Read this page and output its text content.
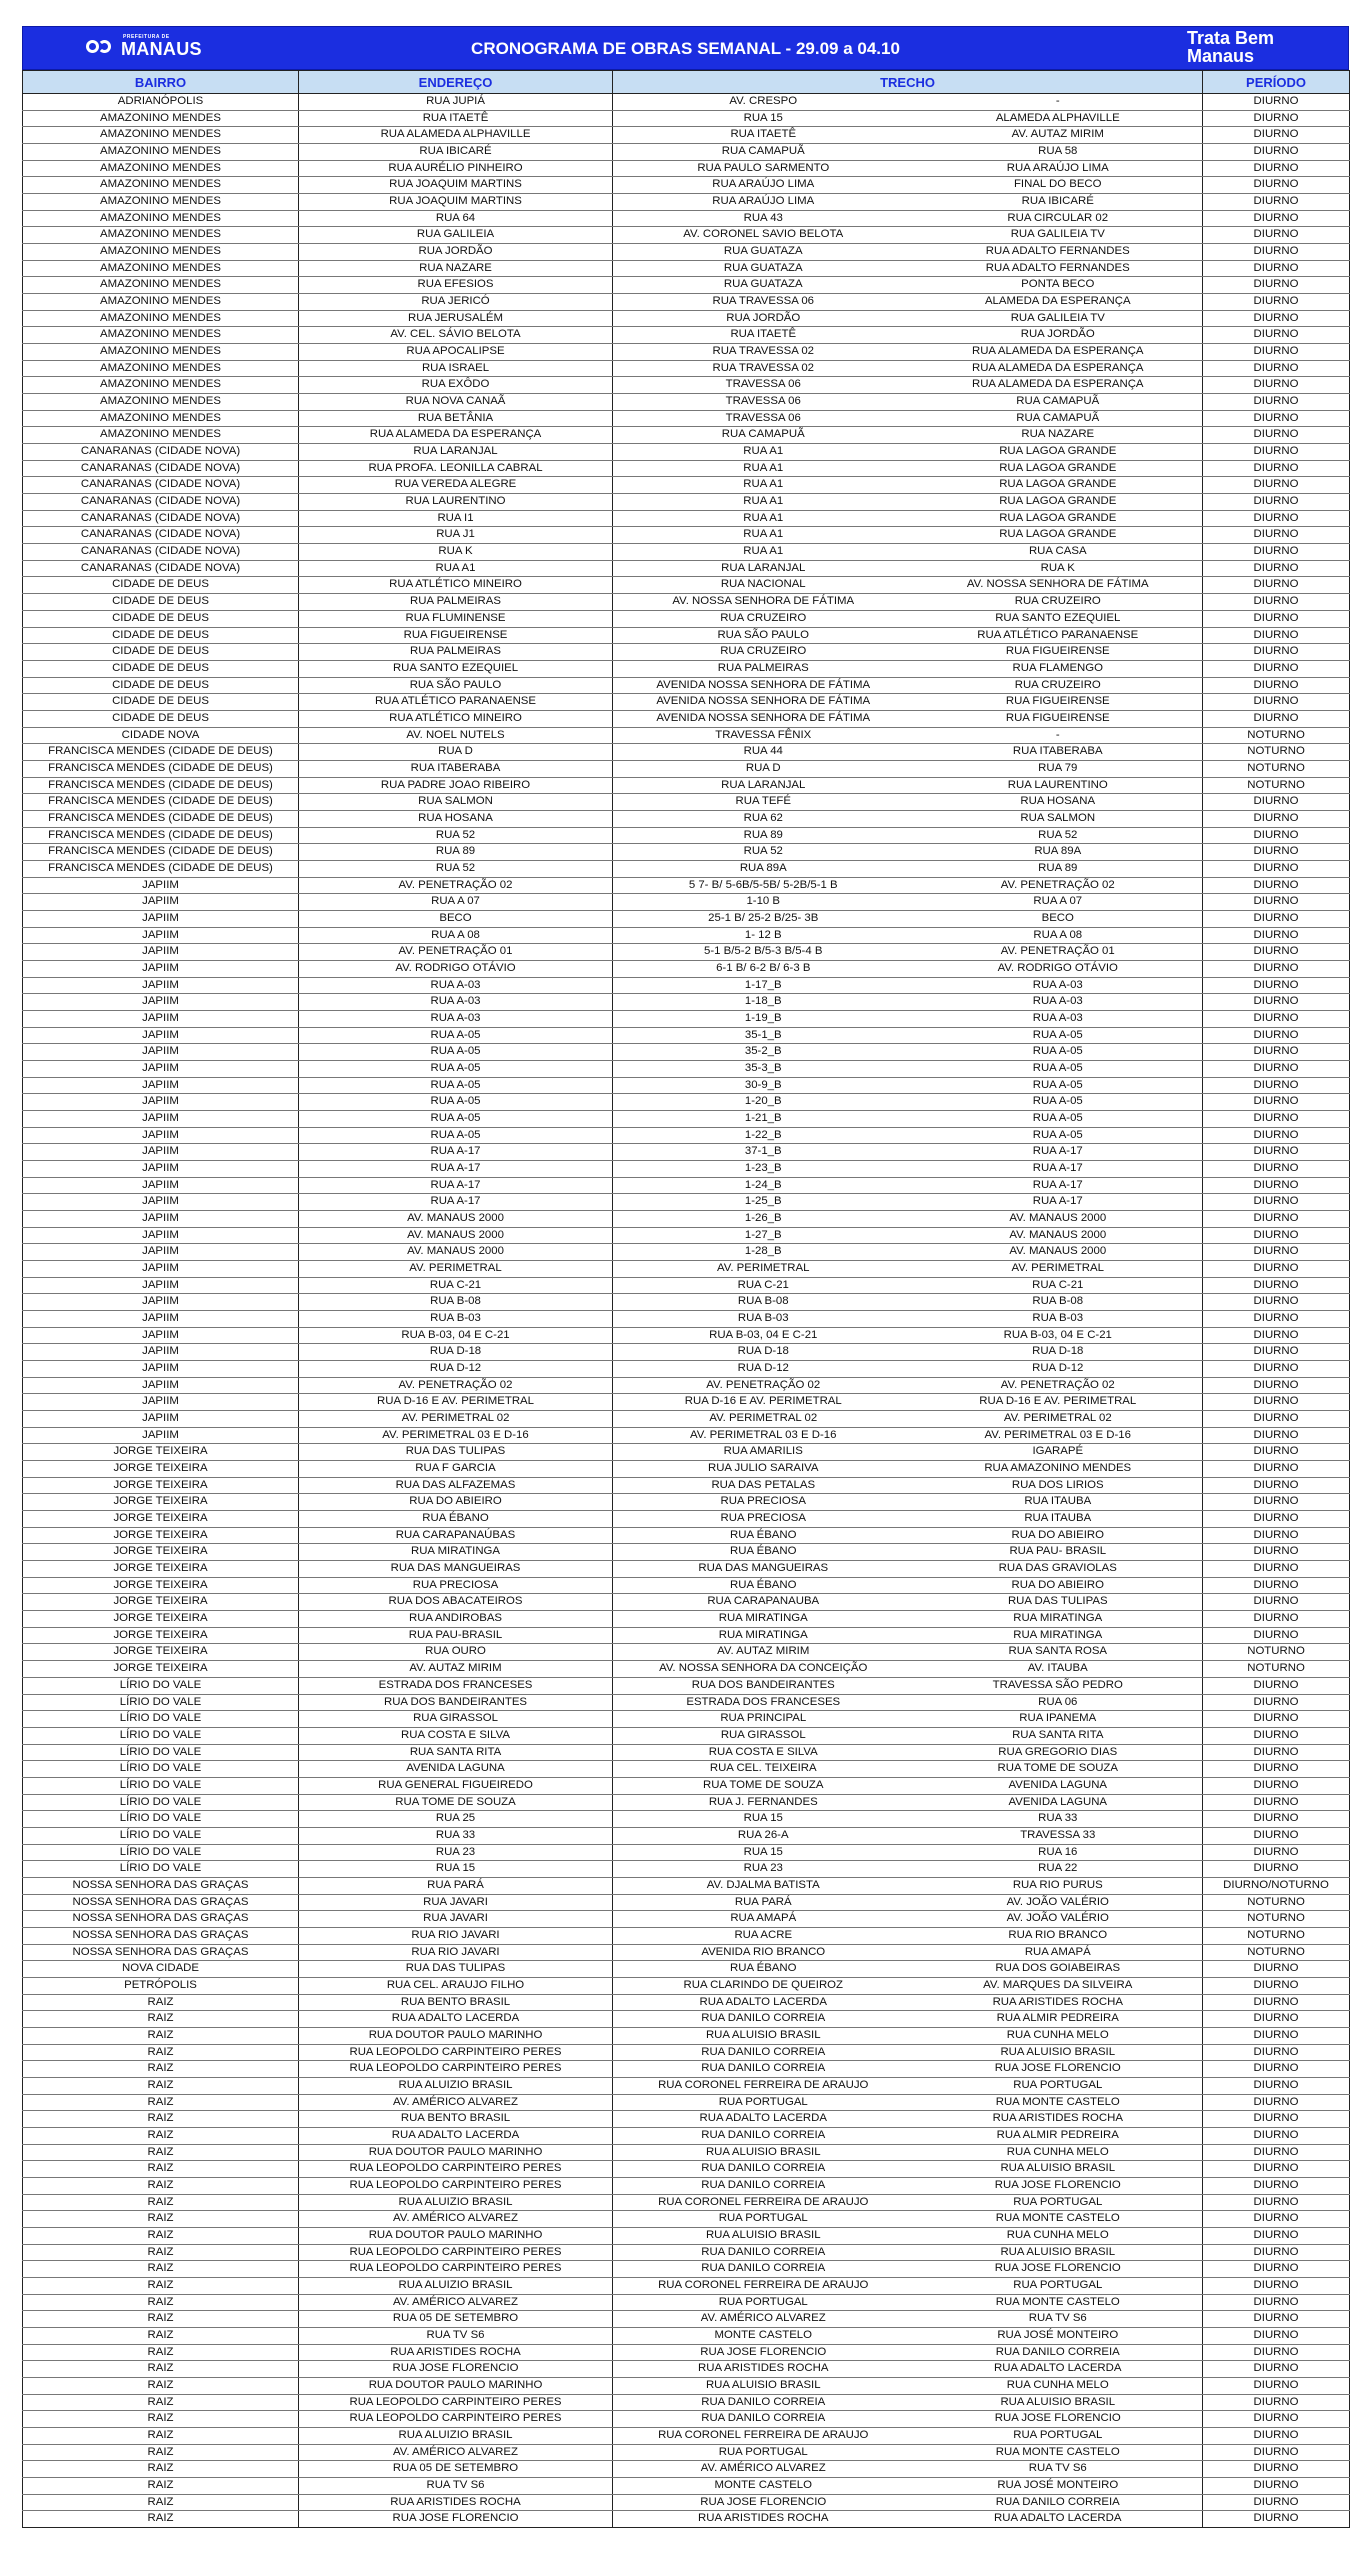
PREFEITURA DE
MANAUS	CRONOGRAMA DE OBRAS SEMANAL - 29.09 a 04.10
Trata Bem
Manaus
BAIRRO	ENDEREÇO	TRECHO		PERÍODO
ADRIANÓPOLIS	RUA JUPIÁ	AV. CRESPO	-	DIURNO
AMAZONINO MENDES	RUA ITAETÊ	RUA 15	ALAMEDA ALPHAVILLE	DIURNO
AMAZONINO MENDES	RUA ALAMEDA ALPHAVILLE	RUA ITAETÊ	AV. AUTAZ MIRIM	DIURNO
AMAZONINO MENDES	RUA IBICARÉ	RUA CAMAPUÃ	RUA 58	DIURNO
AMAZONINO MENDES	RUA AURÉLIO PINHEIRO	RUA PAULO SARMENTO	RUA ARAÚJO LIMA	DIURNO
AMAZONINO MENDES	RUA JOAQUIM MARTINS	RUA ARAÚJO LIMA	FINAL DO BECO	DIURNO
AMAZONINO MENDES	RUA JOAQUIM MARTINS	RUA ARAÚJO LIMA	RUA IBICARÉ	DIURNO
AMAZONINO MENDES	RUA 64	RUA 43	RUA CIRCULAR 02	DIURNO
AMAZONINO MENDES	RUA GALILEIA	AV. CORONEL SAVIO BELOTA	RUA GALILEIA TV	DIURNO
AMAZONINO MENDES	RUA JORDÃO	RUA GUATAZA	RUA ADALTO FERNANDES	DIURNO
AMAZONINO MENDES	RUA NAZARE	RUA GUATAZA	RUA ADALTO FERNANDES	DIURNO
AMAZONINO MENDES	RUA EFESIOS	RUA GUATAZA	PONTA BECO	DIURNO
AMAZONINO MENDES	RUA JERICÓ	RUA TRAVESSA 06	ALAMEDA DA ESPERANÇA	DIURNO
AMAZONINO MENDES	RUA JERUSALÉM	RUA JORDÃO	RUA GALILEIA TV	DIURNO
AMAZONINO MENDES	AV. CEL. SÁVIO BELOTA	RUA ITAETÊ	RUA JORDÃO	DIURNO
AMAZONINO MENDES	RUA APOCALIPSE	RUA TRAVESSA 02	RUA ALAMEDA DA ESPERANÇA	DIURNO
AMAZONINO MENDES	RUA ISRAEL	RUA TRAVESSA 02	RUA ALAMEDA DA ESPERANÇA	DIURNO
AMAZONINO MENDES	RUA EXÔDO	TRAVESSA 06	RUA ALAMEDA DA ESPERANÇA	DIURNO
AMAZONINO MENDES	RUA NOVA CANAÃ	TRAVESSA 06	RUA CAMAPUÃ	DIURNO
AMAZONINO MENDES	RUA BETÂNIA	TRAVESSA 06	RUA CAMAPUÃ	DIURNO
AMAZONINO MENDES	RUA ALAMEDA DA ESPERANÇA	RUA CAMAPUÃ	RUA NAZARE	DIURNO
CANARANAS (CIDADE NOVA)	RUA LARANJAL	RUA A1	RUA LAGOA GRANDE	DIURNO
CANARANAS (CIDADE NOVA)	RUA PROFA. LEONILLA CABRAL	RUA A1	RUA LAGOA GRANDE	DIURNO
CANARANAS (CIDADE NOVA)	RUA VEREDA ALEGRE	RUA A1	RUA LAGOA GRANDE	DIURNO
CANARANAS (CIDADE NOVA)	RUA LAURENTINO	RUA A1	RUA LAGOA GRANDE	DIURNO
CANARANAS (CIDADE NOVA)	RUA I1	RUA A1	RUA LAGOA GRANDE	DIURNO
CANARANAS (CIDADE NOVA)	RUA J1	RUA A1	RUA LAGOA GRANDE	DIURNO
CANARANAS (CIDADE NOVA)	RUA K	RUA A1	RUA CASA	DIURNO
CANARANAS (CIDADE NOVA)	RUA A1	RUA LARANJAL	RUA K	DIURNO
CIDADE DE DEUS	RUA ATLÉTICO MINEIRO	RUA NACIONAL	AV. NOSSA SENHORA DE FÁTIMA	DIURNO
CIDADE DE DEUS	RUA PALMEIRAS	AV. NOSSA SENHORA DE FÁTIMA	RUA CRUZEIRO	DIURNO
CIDADE DE DEUS	RUA FLUMINENSE	RUA CRUZEIRO	RUA SANTO EZEQUIEL	DIURNO
CIDADE DE DEUS	RUA FIGUEIRENSE	RUA SÃO PAULO	RUA ATLÉTICO PARANAENSE	DIURNO
CIDADE DE DEUS	RUA PALMEIRAS	RUA CRUZEIRO	RUA FIGUEIRENSE	DIURNO
CIDADE DE DEUS	RUA SANTO EZEQUIEL	RUA PALMEIRAS	RUA FLAMENGO	DIURNO
CIDADE DE DEUS	RUA SÃO PAULO	AVENIDA NOSSA SENHORA DE FÁTIMA	RUA CRUZEIRO	DIURNO
CIDADE DE DEUS	RUA ATLÉTICO PARANAENSE	AVENIDA NOSSA SENHORA DE FÁTIMA	RUA FIGUEIRENSE	DIURNO
CIDADE DE DEUS	RUA ATLÉTICO MINEIRO	AVENIDA NOSSA SENHORA DE FÁTIMA	RUA FIGUEIRENSE	DIURNO
CIDADE NOVA	AV. NOEL NUTELS	TRAVESSA FÊNIX	-	NOTURNO
FRANCISCA MENDES (CIDADE DE DEUS)	RUA D	RUA 44	RUA ITABERABA	NOTURNO
FRANCISCA MENDES (CIDADE DE DEUS)	RUA ITABERABA	RUA D	RUA 79	NOTURNO
FRANCISCA MENDES (CIDADE DE DEUS)	RUA PADRE JOAO RIBEIRO	RUA LARANJAL	RUA LAURENTINO	NOTURNO
FRANCISCA MENDES (CIDADE DE DEUS)	RUA SALMON	RUA TEFÉ	RUA HOSANA	DIURNO
FRANCISCA MENDES (CIDADE DE DEUS)	RUA HOSANA	RUA 62	RUA SALMON	DIURNO
FRANCISCA MENDES (CIDADE DE DEUS)	RUA 52	RUA 89	RUA 52	DIURNO
FRANCISCA MENDES (CIDADE DE DEUS)	RUA 89	RUA 52	RUA 89A	DIURNO
FRANCISCA MENDES (CIDADE DE DEUS)	RUA 52	RUA 89A	RUA 89	DIURNO
JAPIIM	AV. PENETRAÇÃO 02	5 7- B/ 5-6B/5-5B/ 5-2B/5-1 B	AV. PENETRAÇÃO 02	DIURNO
JAPIIM	RUA A 07	1-10 B	RUA A 07	DIURNO
JAPIIM	BECO	25-1 B/ 25-2 B/25- 3B	BECO	DIURNO
JAPIIM	RUA A 08	1- 12 B	RUA A 08	DIURNO
JAPIIM	AV. PENETRAÇÃO 01	5-1 B/5-2 B/5-3 B/5-4 B	AV. PENETRAÇÃO 01	DIURNO
JAPIIM	AV. RODRIGO OTÁVIO	6-1 B/ 6-2 B/ 6-3 B	AV. RODRIGO OTÁVIO	DIURNO
JAPIIM	RUA A-03	1-17_B	RUA A-03	DIURNO
JAPIIM	RUA A-03	1-18_B	RUA A-03	DIURNO
JAPIIM	RUA A-03	1-19_B	RUA A-03	DIURNO
JAPIIM	RUA A-05	35-1_B	RUA A-05	DIURNO
JAPIIM	RUA A-05	35-2_B	RUA A-05	DIURNO
JAPIIM	RUA A-05	35-3_B	RUA A-05	DIURNO
JAPIIM	RUA A-05	30-9_B	RUA A-05	DIURNO
JAPIIM	RUA A-05	1-20_B	RUA A-05	DIURNO
JAPIIM	RUA A-05	1-21_B	RUA A-05	DIURNO
JAPIIM	RUA A-05	1-22_B	RUA A-05	DIURNO
JAPIIM	RUA A-17	37-1_B	RUA A-17	DIURNO
JAPIIM	RUA A-17	1-23_B	RUA A-17	DIURNO
JAPIIM	RUA A-17	1-24_B	RUA A-17	DIURNO
JAPIIM	RUA A-17	1-25_B	RUA A-17	DIURNO
JAPIIM	AV. MANAUS 2000	1-26_B	AV. MANAUS 2000	DIURNO
JAPIIM	AV. MANAUS 2000	1-27_B	AV. MANAUS 2000	DIURNO
JAPIIM	AV. MANAUS 2000	1-28_B	AV. MANAUS 2000	DIURNO
JAPIIM	AV. PERIMETRAL	AV. PERIMETRAL	AV. PERIMETRAL	DIURNO
JAPIIM	RUA C-21	RUA C-21	RUA C-21	DIURNO
JAPIIM	RUA B-08	RUA B-08	RUA B-08	DIURNO
JAPIIM	RUA B-03	RUA B-03	RUA B-03	DIURNO
JAPIIM	RUA B-03, 04 E C-21	RUA B-03, 04 E C-21	RUA B-03, 04 E C-21	DIURNO
JAPIIM	RUA D-18	RUA D-18	RUA D-18	DIURNO
JAPIIM	RUA D-12	RUA D-12	RUA D-12	DIURNO
JAPIIM	AV. PENETRAÇÃO 02	AV. PENETRAÇÃO 02	AV. PENETRAÇÃO 02	DIURNO
JAPIIM	RUA D-16 E AV. PERIMETRAL	RUA D-16 E AV. PERIMETRAL	RUA D-16 E AV. PERIMETRAL	DIURNO
JAPIIM	AV. PERIMETRAL 02	AV. PERIMETRAL 02	AV. PERIMETRAL 02	DIURNO
JAPIIM	AV. PERIMETRAL 03 E D-16	AV. PERIMETRAL 03 E D-16	AV. PERIMETRAL 03 E D-16	DIURNO
JORGE TEIXEIRA	RUA DAS TULIPAS	RUA AMARILIS	IGARAPÉ	DIURNO
JORGE TEIXEIRA	RUA F GARCIA	RUA JULIO SARAIVA	RUA AMAZONINO MENDES	DIURNO
JORGE TEIXEIRA	RUA DAS ALFAZEMAS	RUA DAS PETALAS	RUA DOS LIRIOS	DIURNO
JORGE TEIXEIRA	RUA DO ABIEIRO	RUA PRECIOSA	RUA ITAUBA	DIURNO
JORGE TEIXEIRA	RUA ÉBANO	RUA PRECIOSA	RUA ITAUBA	DIURNO
JORGE TEIXEIRA	RUA CARAPANAÚBAS	RUA ÉBANO	RUA DO ABIEIRO	DIURNO
JORGE TEIXEIRA	RUA MIRATINGA	RUA ÉBANO	RUA PAU- BRASIL	DIURNO
JORGE TEIXEIRA	RUA DAS MANGUEIRAS	RUA DAS MANGUEIRAS	RUA DAS GRAVIOLAS	DIURNO
JORGE TEIXEIRA	RUA PRECIOSA	RUA ÉBANO	RUA DO ABIEIRO	DIURNO
JORGE TEIXEIRA	RUA DOS ABACATEIROS	RUA CARAPANAUBA	RUA DAS TULIPAS	DIURNO
JORGE TEIXEIRA	RUA ANDIROBAS	RUA MIRATINGA	RUA MIRATINGA	DIURNO
JORGE TEIXEIRA	RUA PAU-BRASIL	RUA MIRATINGA	RUA MIRATINGA	DIURNO
JORGE TEIXEIRA	RUA OURO	AV. AUTAZ MIRIM	RUA SANTA ROSA	NOTURNO
JORGE TEIXEIRA	AV. AUTAZ MIRIM	AV. NOSSA SENHORA DA CONCEIÇÃO	AV. ITAUBA	NOTURNO
LÍRIO DO VALE	ESTRADA DOS FRANCESES	RUA DOS BANDEIRANTES	TRAVESSA SÃO PEDRO	DIURNO
LÍRIO DO VALE	RUA DOS BANDEIRANTES	ESTRADA DOS FRANCESES	RUA 06	DIURNO
LÍRIO DO VALE	RUA GIRASSOL	RUA PRINCIPAL	RUA IPANEMA	DIURNO
LÍRIO DO VALE	RUA COSTA E SILVA	RUA GIRASSOL	RUA SANTA RITA	DIURNO
LÍRIO DO VALE	RUA SANTA RITA	RUA COSTA E SILVA	RUA GREGORIO DIAS	DIURNO
LÍRIO DO VALE	AVENIDA LAGUNA	RUA CEL. TEIXEIRA	RUA TOME DE SOUZA	DIURNO
LÍRIO DO VALE	RUA GENERAL FIGUEIREDO	RUA TOME DE SOUZA	AVENIDA LAGUNA	DIURNO
LÍRIO DO VALE	RUA TOME DE SOUZA	RUA J. FERNANDES	AVENIDA LAGUNA	DIURNO
LÍRIO DO VALE	RUA 25	RUA 15	RUA 33	DIURNO
LÍRIO DO VALE	RUA 33	RUA 26-A	TRAVESSA 33	DIURNO
LÍRIO DO VALE	RUA 23	RUA 15	RUA 16	DIURNO
LÍRIO DO VALE	RUA 15	RUA 23	RUA 22	DIURNO
NOSSA SENHORA DAS GRAÇAS	RUA PARÁ	AV. DJALMA BATISTA	RUA RIO PURUS	DIURNO/NOTURNO
NOSSA SENHORA DAS GRAÇAS	RUA JAVARI	RUA PARÁ	AV. JOÃO VALÉRIO	NOTURNO
NOSSA SENHORA DAS GRAÇAS	RUA JAVARI	RUA AMAPÁ	AV. JOÃO VALÉRIO	NOTURNO
NOSSA SENHORA DAS GRAÇAS	RUA RIO JAVARI	RUA ACRE	RUA RIO BRANCO	NOTURNO
NOSSA SENHORA DAS GRAÇAS	RUA RIO JAVARI	AVENIDA RIO BRANCO	RUA AMAPÁ	NOTURNO
NOVA CIDADE	RUA DAS TULIPAS	RUA ÉBANO	RUA DOS GOIABEIRAS	DIURNO
PETRÓPOLIS	RUA CEL. ARAUJO FILHO	RUA CLARINDO DE QUEIROZ	AV. MARQUES DA SILVEIRA	DIURNO
RAIZ	RUA BENTO BRASIL	RUA ADALTO LACERDA	RUA ARISTIDES ROCHA	DIURNO
RAIZ	RUA ADALTO LACERDA	RUA DANILO CORREIA	RUA ALMIR PEDREIRA	DIURNO
RAIZ	RUA DOUTOR PAULO MARINHO	RUA ALUISIO BRASIL	RUA CUNHA MELO	DIURNO
RAIZ	RUA LEOPOLDO CARPINTEIRO PERES	RUA DANILO CORREIA	RUA ALUISIO BRASIL	DIURNO
RAIZ	RUA LEOPOLDO CARPINTEIRO PERES	RUA DANILO CORREIA	RUA JOSE FLORENCIO	DIURNO
RAIZ	RUA ALUIZIO BRASIL	RUA CORONEL FERREIRA DE ARAUJO	RUA PORTUGAL	DIURNO
RAIZ	AV. AMÉRICO ALVAREZ	RUA PORTUGAL	RUA MONTE CASTELO	DIURNO
RAIZ	RUA BENTO BRASIL	RUA ADALTO LACERDA	RUA ARISTIDES ROCHA	DIURNO
RAIZ	RUA ADALTO LACERDA	RUA DANILO CORREIA	RUA ALMIR PEDREIRA	DIURNO
RAIZ	RUA DOUTOR PAULO MARINHO	RUA ALUISIO BRASIL	RUA CUNHA MELO	DIURNO
RAIZ	RUA LEOPOLDO CARPINTEIRO PERES	RUA DANILO CORREIA	RUA ALUISIO BRASIL	DIURNO
RAIZ	RUA LEOPOLDO CARPINTEIRO PERES	RUA DANILO CORREIA	RUA JOSE FLORENCIO	DIURNO
RAIZ	RUA ALUIZIO BRASIL	RUA CORONEL FERREIRA DE ARAUJO	RUA PORTUGAL	DIURNO
RAIZ	AV. AMÉRICO ALVAREZ	RUA PORTUGAL	RUA MONTE CASTELO	DIURNO
RAIZ	RUA DOUTOR PAULO MARINHO	RUA ALUISIO BRASIL	RUA CUNHA MELO	DIURNO
RAIZ	RUA LEOPOLDO CARPINTEIRO PERES	RUA DANILO CORREIA	RUA ALUISIO BRASIL	DIURNO
RAIZ	RUA LEOPOLDO CARPINTEIRO PERES	RUA DANILO CORREIA	RUA JOSE FLORENCIO	DIURNO
RAIZ	RUA ALUIZIO BRASIL	RUA CORONEL FERREIRA DE ARAUJO	RUA PORTUGAL	DIURNO
RAIZ	AV. AMÉRICO ALVAREZ	RUA PORTUGAL	RUA MONTE CASTELO	DIURNO
RAIZ	RUA 05 DE SETEMBRO	AV. AMÉRICO ALVAREZ	RUA TV S6	DIURNO
RAIZ	RUA TV S6	MONTE CASTELO	RUA JOSÉ MONTEIRO	DIURNO
RAIZ	RUA ARISTIDES ROCHA	RUA JOSE FLORENCIO	RUA DANILO CORREIA	DIURNO
RAIZ	RUA JOSE FLORENCIO	RUA ARISTIDES ROCHA	RUA ADALTO LACERDA	DIURNO
RAIZ	RUA DOUTOR PAULO MARINHO	RUA ALUISIO BRASIL	RUA CUNHA MELO	DIURNO
RAIZ	RUA LEOPOLDO CARPINTEIRO PERES	RUA DANILO CORREIA	RUA ALUISIO BRASIL	DIURNO
RAIZ	RUA LEOPOLDO CARPINTEIRO PERES	RUA DANILO CORREIA	RUA JOSE FLORENCIO	DIURNO
RAIZ	RUA ALUIZIO BRASIL	RUA CORONEL FERREIRA DE ARAUJO	RUA PORTUGAL	DIURNO
RAIZ	AV. AMÉRICO ALVAREZ	RUA PORTUGAL	RUA MONTE CASTELO	DIURNO
RAIZ	RUA 05 DE SETEMBRO	AV. AMÉRICO ALVAREZ	RUA TV S6	DIURNO
RAIZ	RUA TV S6	MONTE CASTELO	RUA JOSÉ MONTEIRO	DIURNO
RAIZ	RUA ARISTIDES ROCHA	RUA JOSE FLORENCIO	RUA DANILO CORREIA	DIURNO
RAIZ	RUA JOSE FLORENCIO	RUA ARISTIDES ROCHA	RUA ADALTO LACERDA	DIURNO
